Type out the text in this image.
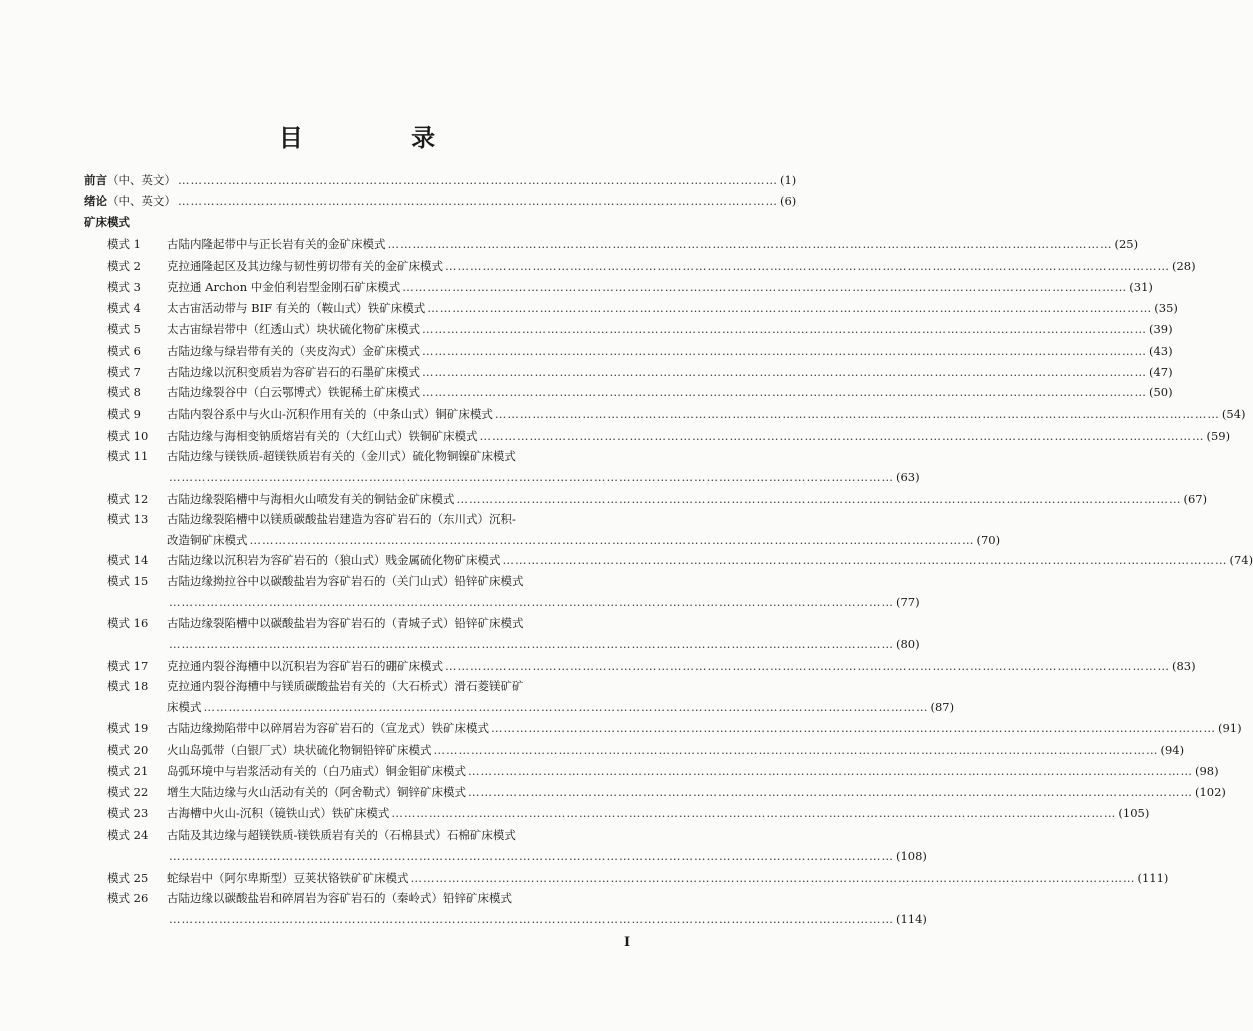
目 录
前言 （中、英文） ……………………………………………………………………………………………………………………………… (1)
绪论 （中、英文） ……………………………………………………………………………………………………………………………… (6)
矿床模式
模式 1 古陆内隆起带中与正长岩有关的金矿床模式 ………………………………………………………………………………………………………………………………………………………… (25)
模式 2 克拉通隆起区及其边缘与韧性剪切带有关的金矿床模式 ………………………………………………………………………………………………………………………………………………………… (28)
模式 3 克拉通 Archon 中金伯利岩型金刚石矿床模式 ………………………………………………………………………………………………………………………………………………………… (31)
模式 4 太古宙活动带与 BIF 有关的（鞍山式）铁矿床模式 ………………………………………………………………………………………………………………………………………………………… (35)
模式 5 太古宙绿岩带中（红透山式）块状硫化物矿床模式 ………………………………………………………………………………………………………………………………………………………… (39)
模式 6 古陆边缘与绿岩带有关的（夹皮沟式）金矿床模式 ………………………………………………………………………………………………………………………………………………………… (43)
模式 7 古陆边缘以沉积变质岩为容矿岩石的石墨矿床模式 ………………………………………………………………………………………………………………………………………………………… (47)
模式 8 古陆边缘裂谷中（白云鄂博式）铁铌稀土矿床模式 ………………………………………………………………………………………………………………………………………………………… (50)
模式 9 古陆内裂谷系中与火山-沉积作用有关的（中条山式）铜矿床模式 ………………………………………………………………………………………………………………………………………………………… (54)
模式 10 古陆边缘与海相变钠质熔岩有关的（大红山式）铁铜矿床模式 ………………………………………………………………………………………………………………………………………………………… (59)
模式 11 古陆边缘与镁铁质-超镁铁质岩有关的（金川式）硫化物铜镍矿床模式
………………………………………………………………………………………………………………………………………………………… (63)
模式 12 古陆边缘裂陷槽中与海相火山喷发有关的铜钴金矿床模式 ………………………………………………………………………………………………………………………………………………………… (67)
模式 13 古陆边缘裂陷槽中以镁质碳酸盐岩建造为容矿岩石的（东川式）沉积-
改造铜矿床模式 ………………………………………………………………………………………………………………………………………………………… (70)
模式 14 古陆边缘以沉积岩为容矿岩石的（狼山式）贱金属硫化物矿床模式 ………………………………………………………………………………………………………………………………………………………… (74)
模式 15 古陆边缘拗拉谷中以碳酸盐岩为容矿岩石的（关门山式）铅锌矿床模式
………………………………………………………………………………………………………………………………………………………… (77)
模式 16 古陆边缘裂陷槽中以碳酸盐岩为容矿岩石的（青城子式）铅锌矿床模式
………………………………………………………………………………………………………………………………………………………… (80)
模式 17 克拉通内裂谷海槽中以沉积岩为容矿岩石的硼矿床模式 ………………………………………………………………………………………………………………………………………………………… (83)
模式 18 克拉通内裂谷海槽中与镁质碳酸盐岩有关的（大石桥式）滑石菱镁矿矿
床模式 ………………………………………………………………………………………………………………………………………………………… (87)
模式 19 古陆边缘拗陷带中以碎屑岩为容矿岩石的（宣龙式）铁矿床模式 ………………………………………………………………………………………………………………………………………………………… (91)
模式 20 火山岛弧带（白银厂式）块状硫化物铜铅锌矿床模式 ………………………………………………………………………………………………………………………………………………………… (94)
模式 21 岛弧环境中与岩浆活动有关的（白乃庙式）铜金钼矿床模式 ………………………………………………………………………………………………………………………………………………………… (98)
模式 22 增生大陆边缘与火山活动有关的（阿舍勒式）铜锌矿床模式 ………………………………………………………………………………………………………………………………………………………… (102)
模式 23 古海槽中火山-沉积（镜铁山式）铁矿床模式 ………………………………………………………………………………………………………………………………………………………… (105)
模式 24 古陆及其边缘与超镁铁质-镁铁质岩有关的（石棉县式）石棉矿床模式
………………………………………………………………………………………………………………………………………………………… (108)
模式 25 蛇绿岩中（阿尔卑斯型）豆荚状铬铁矿矿床模式 ………………………………………………………………………………………………………………………………………………………… (111)
模式 26 古陆边缘以碳酸盐岩和碎屑岩为容矿岩石的（秦岭式）铅锌矿床模式
………………………………………………………………………………………………………………………………………………………… (114)
Ⅰ
